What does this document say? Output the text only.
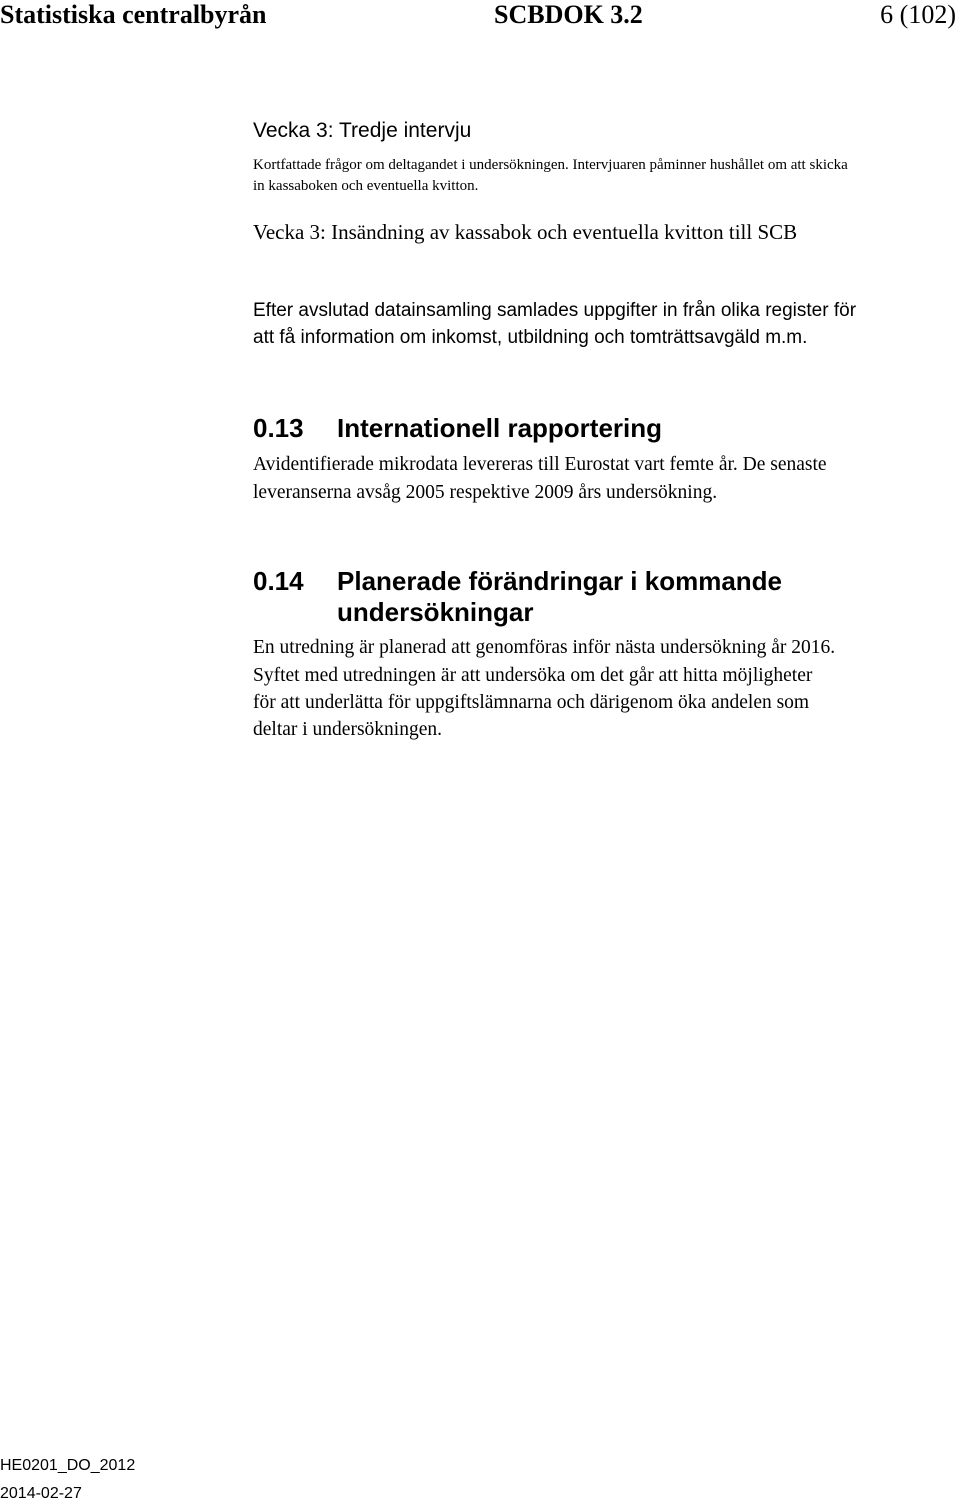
Statistiska centralbyrån	SCBDOK 3.2	6 (102)
Vecka 3: Tredje intervju
Kortfattade frågor om deltagandet i undersökningen. Intervjuaren påminner hushållet om att skicka
in kassaboken och eventuella kvitton.
Vecka 3: Insändning av kassabok och eventuella kvitton till SCB
Efter avslutad datainsamling samlades uppgifter in från olika register för
att få information om inkomst, utbildning och tomträttsavgäld m.m.
0.13 Internationell rapportering
Avidentifierade mikrodata levereras till Eurostat vart femte år. De senaste
leveranserna avsåg 2005 respektive 2009 års undersökning.
0.14 Planerade förändringar i kommande
undersökningar
En utredning är planerad att genomföras inför nästa undersökning år 2016.
Syftet med utredningen är att undersöka om det går att hitta möjligheter
för att underlätta för uppgiftslämnarna och därigenom öka andelen som
deltar i undersökningen.
HE0201_DO_2012
2014-02-27
